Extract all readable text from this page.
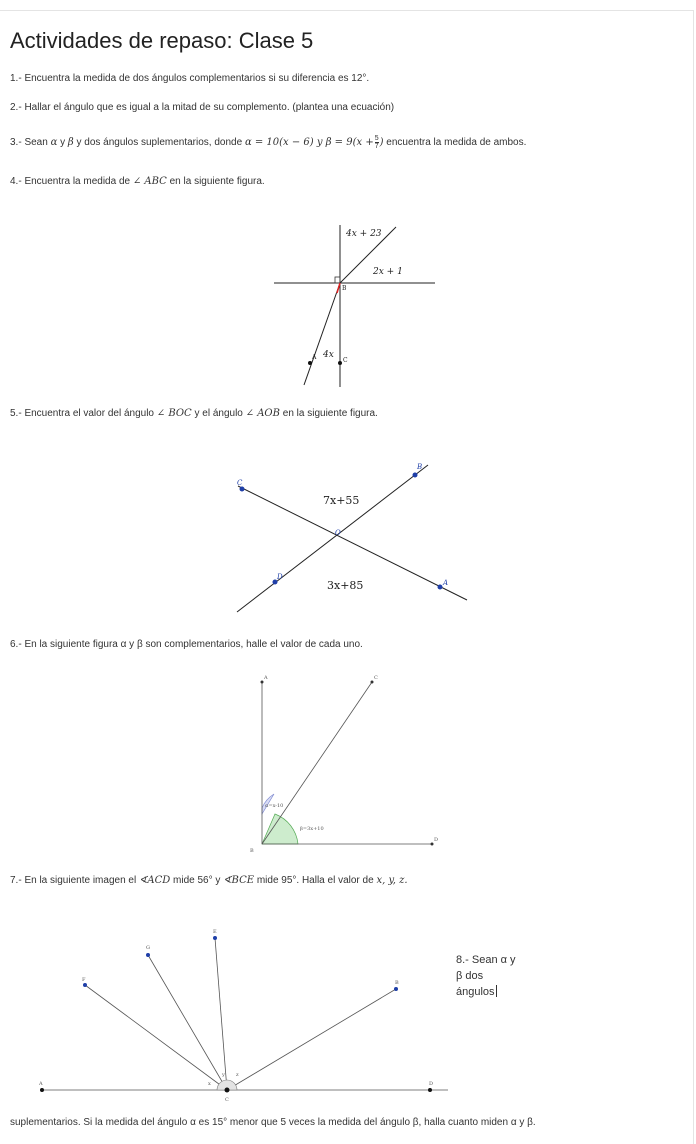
Actividades de repaso: Clase 5
1.- Encuentra la medida de dos ángulos complementarios si su diferencia es 12°.
2.- Hallar el ángulo que es igual a la mitad de su complemento. (plantea una ecuación)
3.- Sean α y β y dos ángulos suplementarios, donde α = 10(x − 6) y $\beta = 9(x + \frac{5}{7}$ ) encuentra la medida de ambos.
4.- Encuentra la medida de ∠ ABC en la siguiente figura.
4x + 23
2x + 1
4x
B
A	C
5.- Encuentra el valor del ángulo ∠ BOC y el ángulo ∠ AOB en la siguiente figura.
C
B
O
D
A
7x+55
3x+85
6.- En la siguiente figura α y β son complementarios, halle el valor de cada uno.
A	C
B
D
α=x-10
β=3x+10
7.- En la siguiente imagen el ∢ACD mide 56° y ∢BCE mide 95°. Halla el valor de x, y, z.
A	D
C
F
G
E
B
x
y z
8.- Sean α y
β dos
ángulos
suplementarios. Si la medida del ángulo α es 15° menor que 5 veces la medida del ángulo β, halla cuanto miden α y β.
